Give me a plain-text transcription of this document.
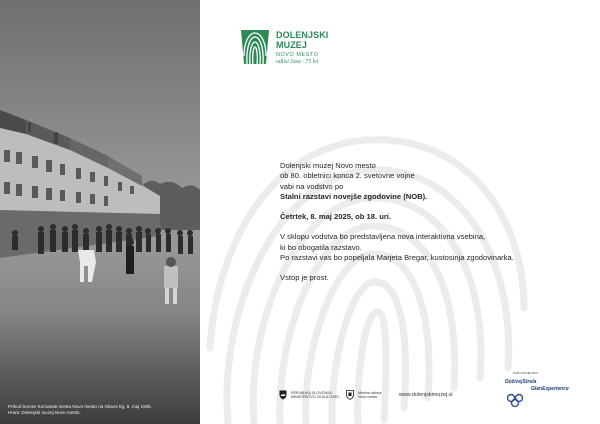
Prihod borcev Komande mesta Novo mesto na Glavni trg, 8. maj 1945.
Hrani: Dolenjski muzej Novo mesto.
DOLENJSKI
MUZEJ
NOVO MESTO
odtisi časa · 75 let

Dolenjski muzej Novo mesto

ob 80. obletnici konca 2. svetovne vojne

vabi na vodstvo po

Stalni razstavi novejše zgodovine (NOB).

Četrtek, 8. maj 2025, ob 18. uri.

V sklopu vodstva bo predstavljena nova interaktivna vsebina,

ki bo obogatila razstavo.

Po razstavi vas bo popeljala Marjeta Bregar, kustosinja zgodovinarka.

Vstop je prost.

REPUBLIKA SLOVENIJA
MINISTRSTVO ZA KULTURO
Mestna občina
Novo mesto	www.dolenjskimuzej.si
DOŽIVI DOLENJSKO
DoživejStrela
GlanExperience
